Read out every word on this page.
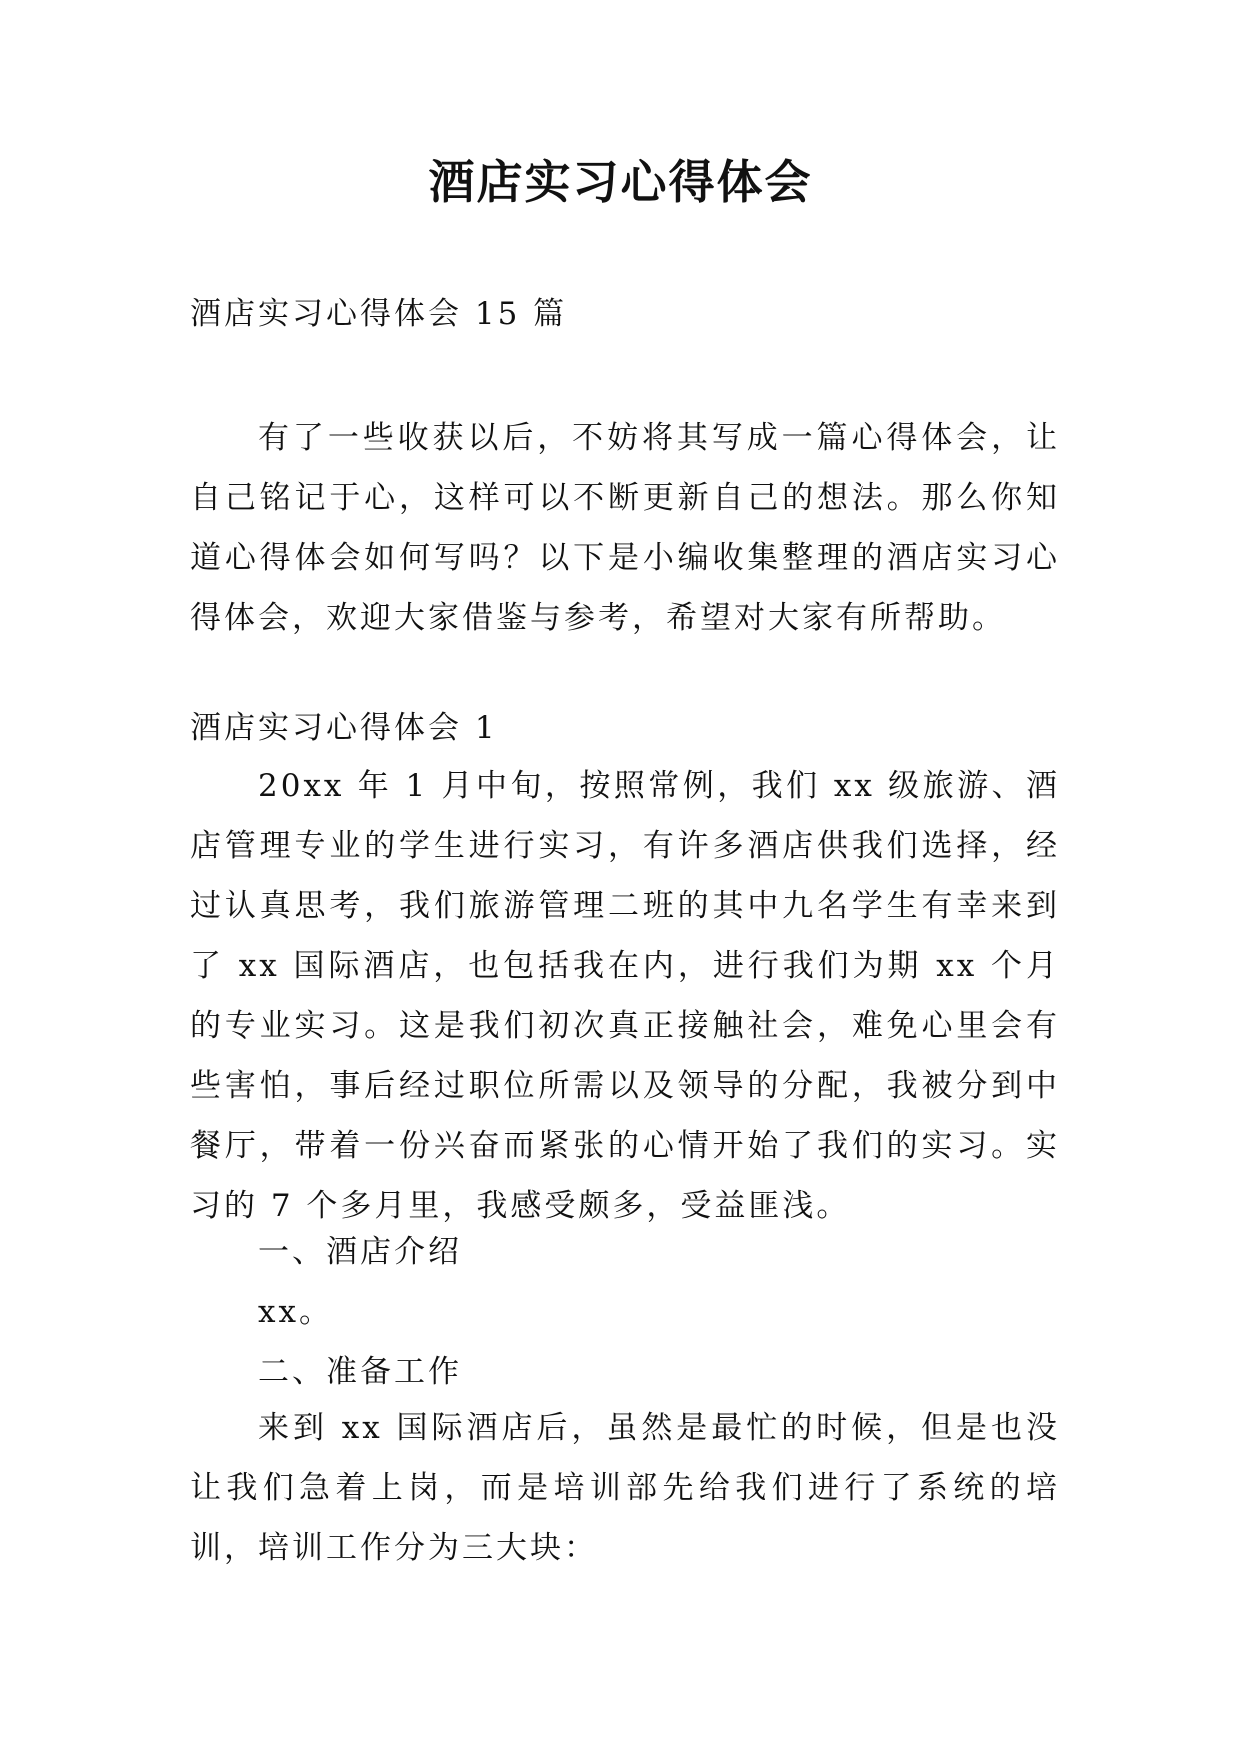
酒店实习心得体会
酒店实习心得体会 15 篇

有了一些收获以后，不妨将其写成一篇心得体会，让自己铭记于心，这样可以不断更新自己的想法。那么你知道心得体会如何写吗？以下是小编收集整理的酒店实习心得体会，欢迎大家借鉴与参考，希望对大家有所帮助。

酒店实习心得体会 1

20xx 年 1 月中旬，按照常例，我们 xx 级旅游、酒店管理专业的学生进行实习，有许多酒店供我们选择，经过认真思考，我们旅游管理二班的其中九名学生有幸来到了 xx 国际酒店，也包括我在内，进行我们为期 xx 个月的专业实习。这是我们初次真正接触社会，难免心里会有些害怕，事后经过职位所需以及领导的分配，我被分到中餐厅，带着一份兴奋而紧张的心情开始了我们的实习。实习的 7 个多月里，我感受颇多，受益匪浅。

一、酒店介绍
xx。
二、准备工作

来到 xx 国际酒店后，虽然是最忙的时候，但是也没让我们急着上岗，而是培训部先给我们进行了系统的培训，培训工作分为三大块：
